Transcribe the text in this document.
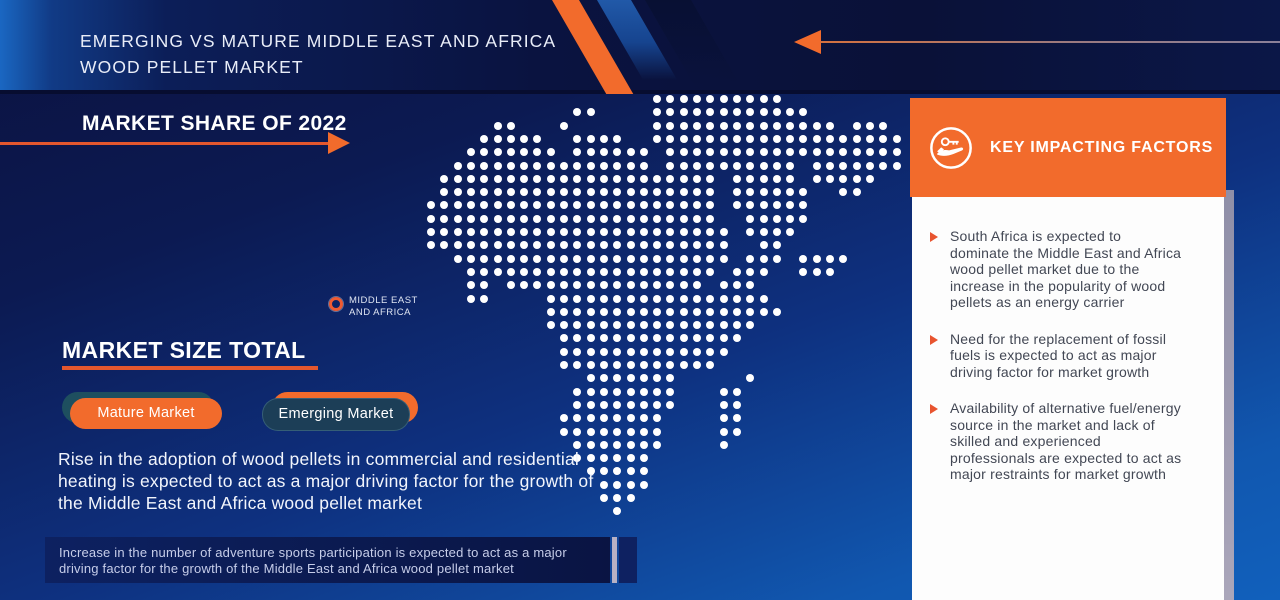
MIDDLE EAST
AND AFRICA
EMERGING VS MATURE MIDDLE EAST AND AFRICA
WOOD PELLET MARKET
MARKET SHARE OF 2022
MARKET SIZE TOTAL
Mature Market	Emerging Market
Rise in the adoption of wood pellets in commercial and residential heating is expected to act as a major driving factor for the growth of the Middle East and Africa wood pellet market
Increase in the number of adventure sports participation is expected to act as a major driving factor for the growth of the Middle East and Africa wood pellet market
South Africa is expected to dominate the Middle East and Africa wood pellet market due to the increase in the popularity of wood pellets as an energy carrier
Need for the replacement of fossil fuels is expected to act as major driving factor for market growth
Availability of alternative fuel/energy source in the market and lack of skilled and experienced professionals are expected to act as major restraints for market growth
KEY IMPACTING FACTORS
